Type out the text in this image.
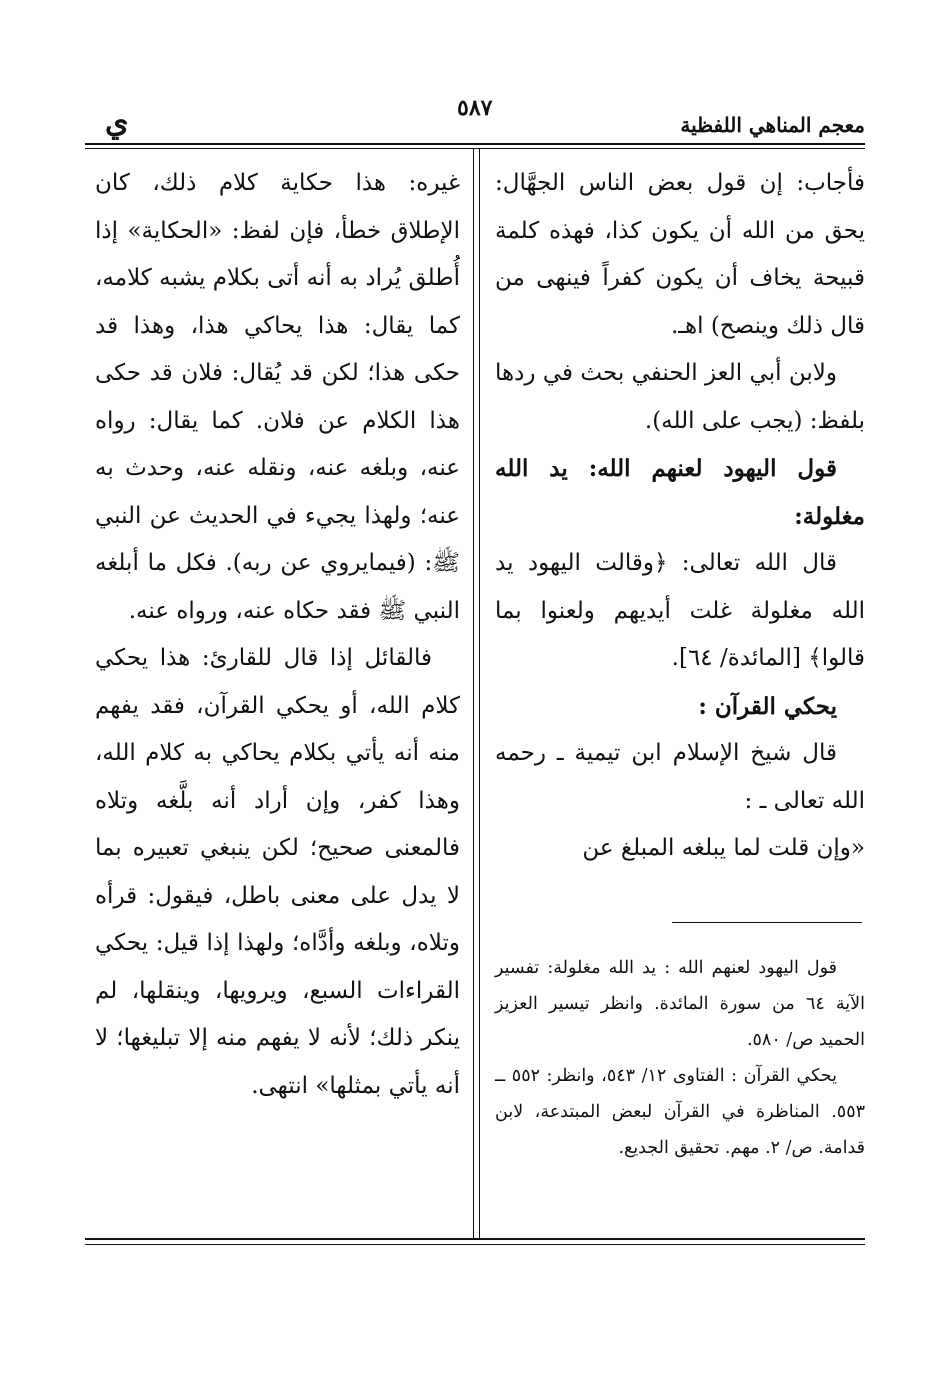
معجم المناهي اللفظية
٥٨٧
ي

فأجاب: إن قول بعض الناس الجهَّال: يحق من الله أن يكون كذا، فهذه كلمة قبيحة يخاف أن يكون كفراً فينهى من قال ذلك وينصح) اهـ.

ولابن أبي العز الحنفي بحث في ردها بلفظ: (يجب على الله).

قول اليهود لعنهم الله: يد الله مغلولة:

قال الله تعالى: ﴿وقالت اليهود يد الله مغلولة غلت أيديهم ولعنوا بما قالوا﴾ [المائدة/ ٦٤].

يحكي القرآن :

قال شيخ الإسلام ابن تيمية ـ رحمه الله تعالى ـ :

«وإن قلت لما يبلغه المبلغ عن

قول اليهود لعنهم الله : يد الله مغلولة: تفسير الآية ٦٤ من سورة المائدة. وانظر تيسير العزيز الحميد ص/ ٥٨٠.

يحكي القرآن : الفتاوى ١٢/ ٥٤٣، وانظر: ٥٥٢ ــ ٥٥٣. المناظرة في القرآن لبعض المبتدعة، لابن قدامة. ص/ ٢. مهم. تحقيق الجديع.

غيره: هذا حكاية كلام ذلك، كان الإطلاق خطأ، فإن لفظ: «الحكاية» إذا أُطلق يُراد به أنه أتى بكلام يشبه كلامه، كما يقال: هذا يحاكي هذا، وهذا قد حكى هذا؛ لكن قد يُقال: فلان قد حكى هذا الكلام عن فلان. كما يقال: رواه عنه، وبلغه عنه، ونقله عنه، وحدث به عنه؛ ولهذا يجيء في الحديث عن النبي ﷺ: (فيمايروي عن ربه). فكل ما أبلغه النبي ﷺ فقد حكاه عنه، ورواه عنه.

فالقائل إذا قال للقارئ: هذا يحكي كلام الله، أو يحكي القرآن، فقد يفهم منه أنه يأتي بكلام يحاكي به كلام الله، وهذا كفر، وإن أراد أنه بلَّغه وتلاه فالمعنى صحيح؛ لكن ينبغي تعبيره بما لا يدل على معنى باطل، فيقول: قرأه وتلاه، وبلغه وأدَّاه؛ ولهذا إذا قيل: يحكي القراءات السبع، ويرويها، وينقلها، لم ينكر ذلك؛ لأنه لا يفهم منه إلا تبليغها؛ لا أنه يأتي بمثلها» انتهى.
